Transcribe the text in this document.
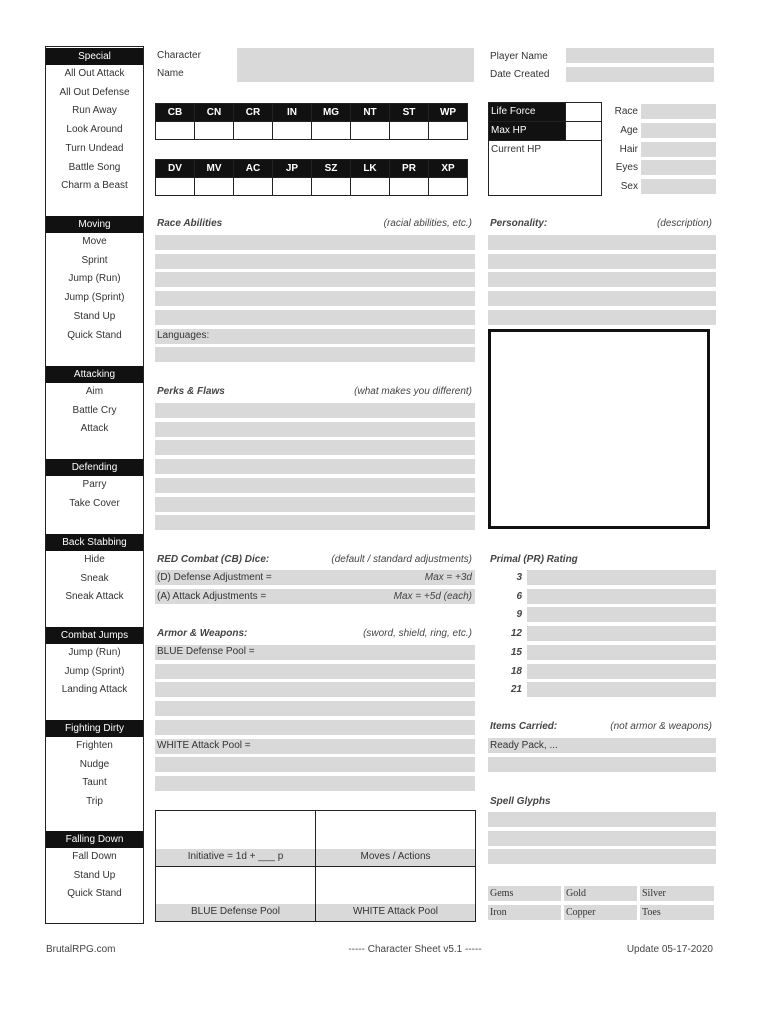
Special
All Out Attack
All Out Defense
Run Away
Look Around
Turn Undead
Battle Song
Charm a Beast
Moving
Move
Sprint
Jump (Run)
Jump (Sprint)
Stand Up
Quick Stand
Attacking
Aim
Battle Cry
Attack
Defending
Parry
Take Cover
Back Stabbing
Hide
Sneak
Sneak Attack
Combat Jumps
Jump (Run)
Jump (Sprint)
Landing Attack
Fighting Dirty
Frighten
Nudge
Taunt
Trip
Falling Down
Fall Down
Stand Up
Quick Stand
Character
Name
Player Name
Date Created
CB	CN	CR	IN	MG	NT	ST	WP

DV	MV	AC	JP	SZ	LK	PR	XP

Life Force
Max HP
Current HP
Race
Age
Hair
Eyes
Sex
Race Abilities	(racial abilities, etc.)
Languages:
Personality:	(description)
Perks & Flaws	(what makes you different)
RED Combat (CB) Dice:	(default / standard adjustments)
(D) Defense Adjustment =	Max = +3d
(A) Attack Adjustments =	Max = +5d (each)
Armor & Weapons:	(sword, shield, ring, etc.)
BLUE Defense Pool =
WHITE Attack Pool =
Primal (PR) Rating
3
6
9
12
15
18
21
Items Carried:	(not armor & weapons)
Ready Pack, ...
Spell Glyphs
Gems	Gold	Silver
Iron	Copper	Toes
Initiative = 1d + ___ p	Moves / Actions
BLUE Defense Pool	WHITE Attack Pool
BrutalRPG.com	----- Character Sheet v5.1 -----	Update 05-17-2020
